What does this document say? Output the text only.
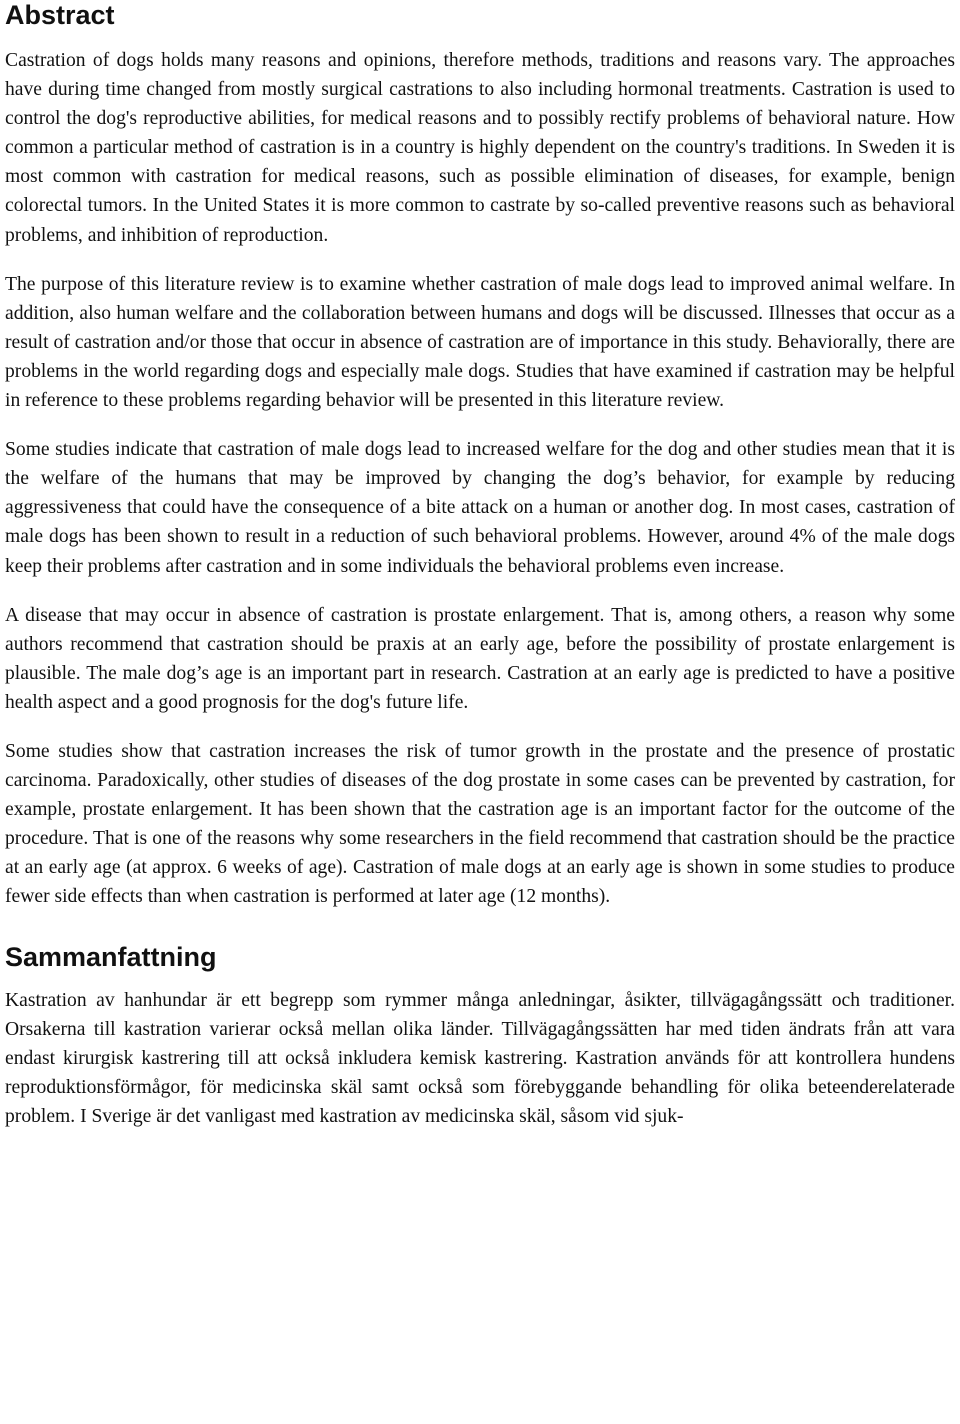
Abstract

Castration of dogs holds many reasons and opinions, therefore methods, traditions and reasons vary. The approaches have during time changed from mostly surgical castrations to also including hormonal treatments. Castration is used to control the dog's reproductive abilities, for medical reasons and to possibly rectify problems of behavioral nature. How common a particular method of castration is in a country is highly dependent on the country's traditions. In Sweden it is most common with castration for medical reasons, such as possible elimination of diseases, for example, benign colorectal tumors. In the United States it is more common to castrate by so-called preventive reasons such as behavioral problems, and inhibition of reproduction.

The purpose of this literature review is to examine whether castration of male dogs lead to improved animal welfare. In addition, also human welfare and the collaboration between humans and dogs will be discussed. Illnesses that occur as a result of castration and/or those that occur in absence of castration are of importance in this study. Behaviorally, there are problems in the world regarding dogs and especially male dogs. Studies that have examined if castration may be helpful in reference to these problems regarding behavior will be presented in this literature review.

Some studies indicate that castration of male dogs lead to increased welfare for the dog and other studies mean that it is the welfare of the humans that may be improved by changing the dog’s behavior, for example by reducing aggressiveness that could have the consequence of a bite attack on a human or another dog. In most cases, castration of male dogs has been shown to result in a reduction of such behavioral problems. However, around 4% of the male dogs keep their problems after castration and in some individuals the behavioral problems even increase.

A disease that may occur in absence of castration is prostate enlargement. That is, among others, a reason why some authors recommend that castration should be praxis at an early age, before the possibility of prostate enlargement is plausible. The male dog’s age is an important part in research. Castration at an early age is predicted to have a positive health aspect and a good prognosis for the dog's future life.

Some studies show that castration increases the risk of tumor growth in the prostate and the presence of prostatic carcinoma. Paradoxically, other studies of diseases of the dog prostate in some cases can be prevented by castration, for example, prostate enlargement. It has been shown that the castration age is an important factor for the outcome of the procedure. That is one of the reasons why some researchers in the field recommend that castration should be the practice at an early age (at approx. 6 weeks of age). Castration of male dogs at an early age is shown in some studies to produce fewer side effects than when castration is performed at later age (12 months).

Sammanfattning

Kastration av hanhundar är ett begrepp som rymmer många anledningar, åsikter, tillvägagångssätt och traditioner. Orsakerna till kastration varierar också mellan olika länder. Tillvägagångssätten har med tiden ändrats från att vara endast kirurgisk kastrering till att också inkludera kemisk kastrering. Kastration används för att kontrollera hundens reproduktionsförmågor, för medicinska skäl samt också som förebyggande behandling för olika beteenderelaterade problem. I Sverige är det vanligast med kastration av medicinska skäl, såsom vid sjuk-
